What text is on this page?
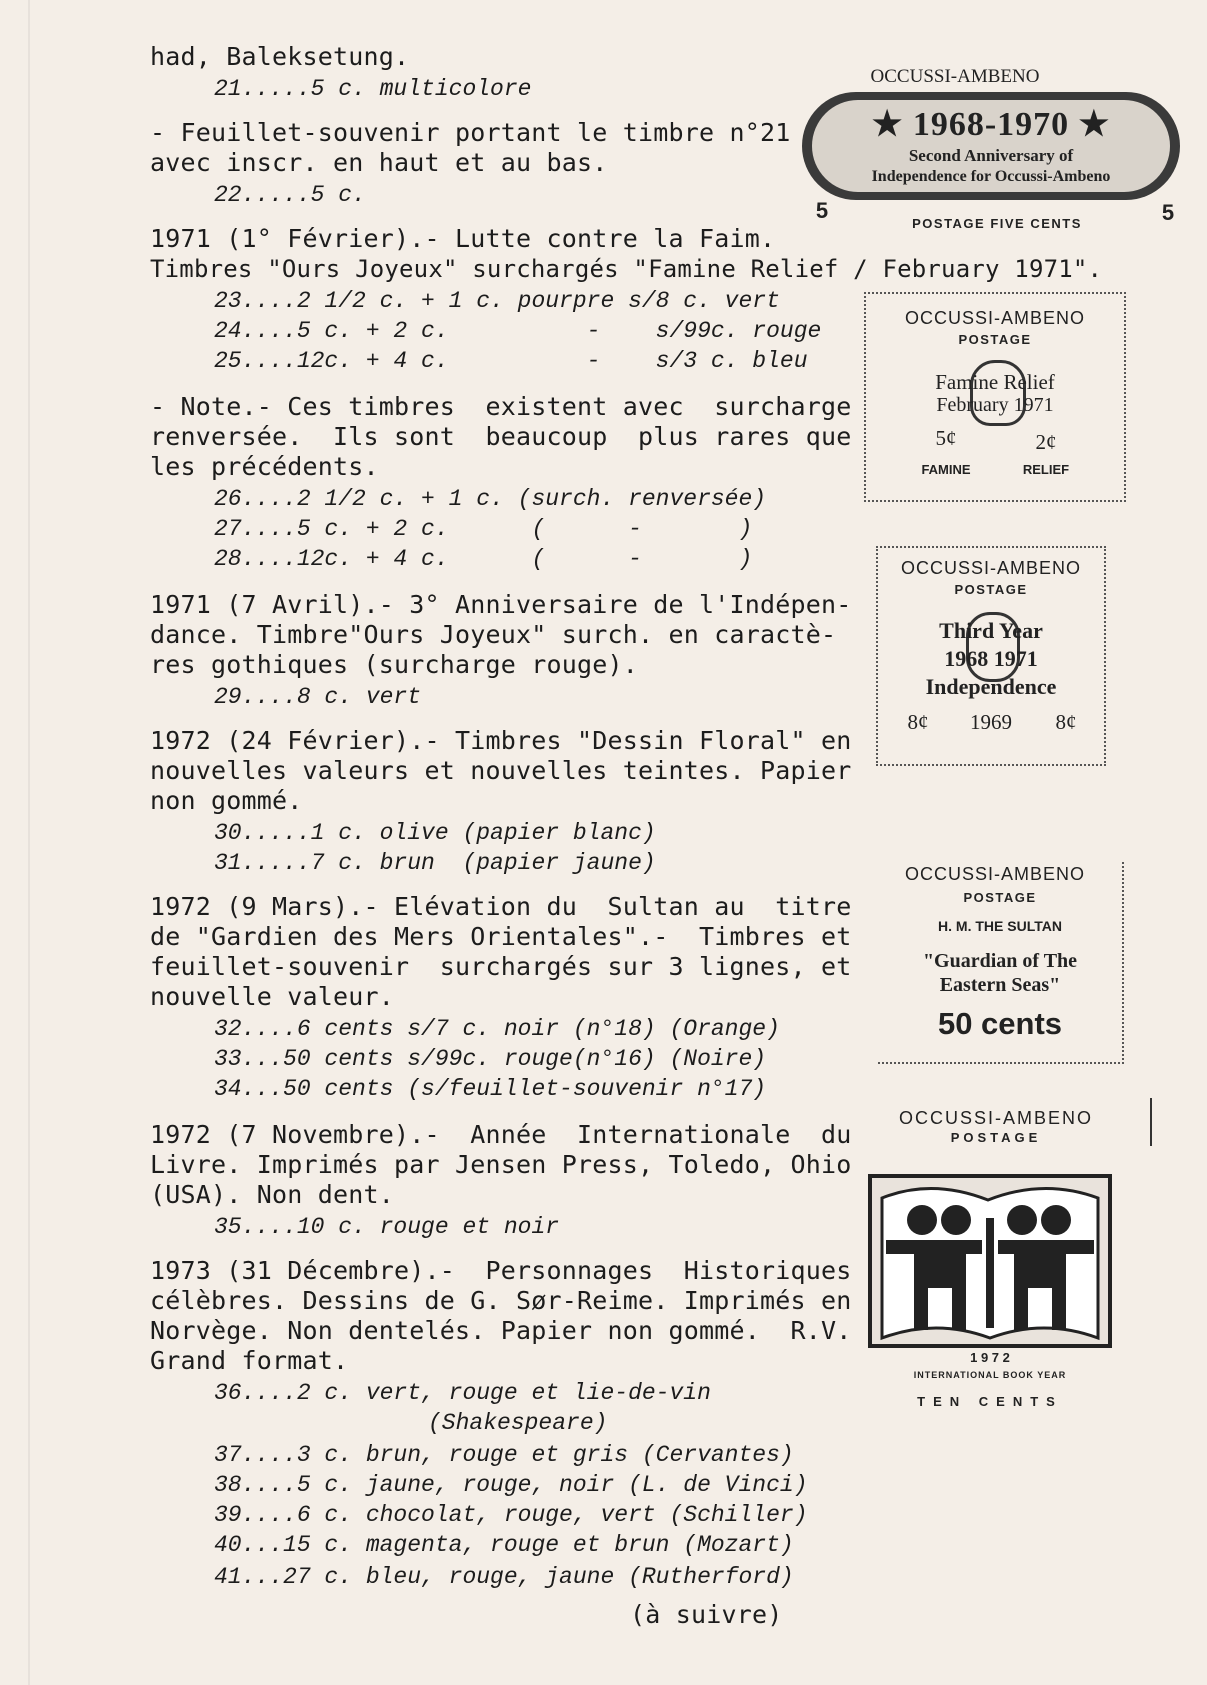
had, Baleksetung.
21.....5 c. multicolore
- Feuillet-souvenir portant le timbre n°21
avec inscr. en haut et au bas.
22.....5 c.
1971 (1° Février).- Lutte contre la Faim.
Timbres "Ours Joyeux" surchargés "Famine Relief / February 1971".
23....2 1/2 c. + 1 c. pourpre s/8 c. vert
24....5 c. + 2 c.          -    s/99c. rouge
25....12c. + 4 c.          -    s/3 c. bleu
- Note.- Ces timbres  existent avec  surcharge
renversée.  Ils sont  beaucoup  plus rares que
les précédents.
26....2 1/2 c. + 1 c. (surch. renversée)
27....5 c. + 2 c.      (      -       )
28....12c. + 4 c.      (      -       )
1971 (7 Avril).- 3° Anniversaire de l'Indépen-
dance. Timbre"Ours Joyeux" surch. en caractè-
res gothiques (surcharge rouge).
29....8 c. vert
1972 (24 Février).- Timbres "Dessin Floral" en
nouvelles valeurs et nouvelles teintes. Papier
non gommé.
30.....1 c. olive (papier blanc)
31.....7 c. brun  (papier jaune)
1972 (9 Mars).- Elévation du  Sultan au  titre
de "Gardien des Mers Orientales".-  Timbres et
feuillet-souvenir  surchargés sur 3 lignes, et
nouvelle valeur.
32....6 cents s/7 c. noir (n°18) (Orange)
33...50 cents s/99c. rouge(n°16) (Noire)
34...50 cents (s/feuillet-souvenir n°17)
1972 (7 Novembre).-  Année  Internationale  du
Livre. Imprimés par Jensen Press, Toledo, Ohio
(USA). Non dent.
35....10 c. rouge et noir
1973 (31 Décembre).-  Personnages  Historiques
célèbres. Dessins de G. Sør-Reime. Imprimés en
Norvège. Non dentelés. Papier non gommé.  R.V.
Grand format.
36....2 c. vert, rouge et lie-de-vin
(Shakespeare)
37....3 c. brun, rouge et gris (Cervantes)
38....5 c. jaune, rouge, noir (L. de Vinci)
39....6 c. chocolat, rouge, vert (Schiller)
40...15 c. magenta, rouge et brun (Mozart)
41...27 c. bleu, rouge, jaune (Rutherford)
(à suivre)
OCCUSSI-AMBENO
★ 1968-1970 ★
Second Anniversary of
Independence for Occussi-Ambeno
5
POSTAGE FIVE CENTS	5
OCCUSSI-AMBENO
POSTAGE
Famine Relief
February 1971
5¢	2¢
FAMINE	RELIEF
OCCUSSI-AMBENO
POSTAGE
Third Year
1968 1971
Independence
8¢	1969	8¢
OCCUSSI-AMBENO
POSTAGE
H. M. THE SULTAN
"Guardian of The
Eastern Seas"
50 cents
OCCUSSI-AMBENO
POSTAGE
1 9 7 2
INTERNATIONAL BOOK YEAR
TEN CENTS
